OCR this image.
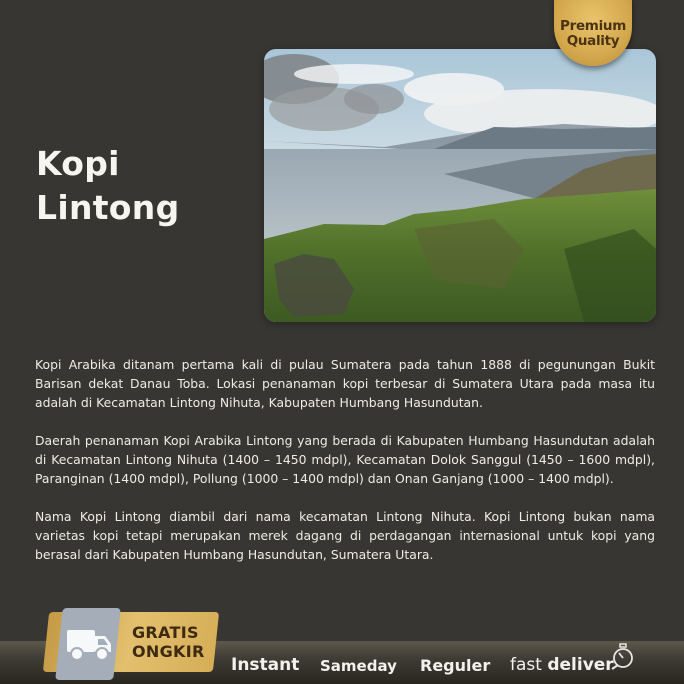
Kopi
Lintong
Premium
Quality

Kopi Arabika ditanam pertama kali di pulau Sumatera pada tahun 1888 di pegunungan Bukit Barisan dekat Danau Toba. Lokasi penanaman kopi terbesar di Sumatera Utara pada masa itu adalah di Kecamatan Lintong Nihuta, Kabupaten Humbang Hasundutan.

Daerah penanaman Kopi Arabika Lintong yang berada di Kabupaten Humbang Hasundutan adalah di Kecamatan Lintong Nihuta (1400 – 1450 mdpl), Kecamatan Dolok Sanggul (1450 – 1600 mdpl), Paranginan (1400 mdpl), Pollung (1000 – 1400 mdpl) dan Onan Ganjang (1000 – 1400 mdpl).

Nama Kopi Lintong diambil dari nama kecamatan Lintong Nihuta. Kopi Lintong bukan nama varietas kopi tetapi merupakan merek dagang di perdagangan internasional untuk kopi yang berasal dari Kabupaten Humbang Hasundutan, Sumatera Utara.

GRATIS
ONGKIR
Instant Sameday Reguler fast deliver
